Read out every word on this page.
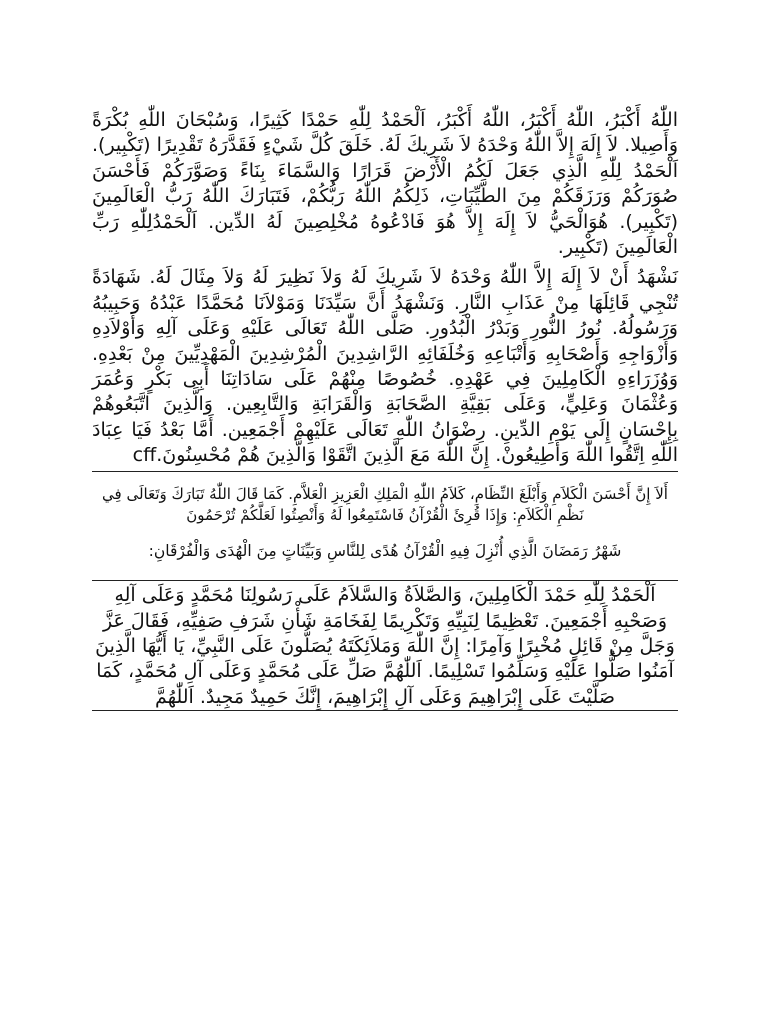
اللّٰهُ أَكْبَرُ، اللّٰهُ أَكْبَرُ، اللّٰهُ أَكْبَرُ، اَلْحَمْدُ لِلّٰهِ حَمْدًا كَثِيرًا، وَسُبْحَانَ اللّٰهِ بُكْرَةً وَأَصِيلا. لاَ إِلَهَ إِلاَّ اللّٰهُ وَحْدَهُ لاَ شَرِيكَ لَهُ. خَلَقَ كُلَّ شَيْءٍ فَقَدَّرَهُ تَقْدِيرًا (تَكْبِير). اَلْحَمْدُ لِلّٰهِ الَّذِي جَعَلَ لَكُمُ الْأَرْضَ قَرَارًا وَالسَّمَاءَ بِنَاءً وَصَوَّرَكُمْ فَأَحْسَنَ صُوَرَكُمْ وَرَزَقَكُمْ مِنَ الطَّيِّبَاتِ، ذَلِكُمُ اللّٰهُ رَبُّكُمْ، فَتَبَارَكَ اللّٰهُ رَبُّ الْعَالَمِينَ (تَكْبِير). هُوَالْحَيُّ لاَ إِلَهَ إِلاَّ هُوَ فَادْعُوهُ مُخْلِصِينَ لَهُ الدِّين. اَلْحَمْدُلِلّٰهِ رَبِّ الْعَالَمِينَ (تَكْبِير.

نَشْهَدُ أَنْ لاَ إِلَهَ إِلاَّ اللّٰهُ وَحْدَهُ لاَ شَرِيكَ لَهُ وَلاَ نَظِيرَ لَهُ وَلاَ مِثَالَ لَهُ. شَهَادَةً تُنْجِي قَائِلَهَا مِنْ عَذَابِ النَّارِ. وَنَشْهَدُ أَنَّ سَيِّدَنَا وَمَوْلاَنَا مُحَمَّدًا عَبْدُهُ وَحَبِيبُهُ وَرَسُولُهُ. نُورُ النُّورِ وَبَدْرُ الْبُدُورِ. صَلَّى اللّٰهُ تَعَالَى عَلَيْهِ وَعَلَى آلِهِ وَأَوْلاَدِهِ وَأَزْوَاجِهِ وَأَصْحَابِهِ وَأَتْبَاعِهِ وَخُلَفَائِهِ الرَّاشِدِينَ الْمُرْشِدِينَ الْمَهْدِيِّينَ مِنْ بَعْدِهِ. وَوُزَرَاءِهِ الْكَامِلِينَ فِي عَهْدِهِ. خُصُوصًا مِنْهُمْ عَلَى سَادَاتِنَا أَبِى بَكْرٍ وَعُمَرَ وَعُثْمَانَ وَعَلِيٍّ، وَعَلَى بَقِيَّةِ الصَّحَابَةِ وَالْقَرَابَةِ وَالتَّابِعِين. وَالَّذِينَ اتَّبَعُوهُمْ بِإِحْسَانٍ إِلَى يَوْمِ الدِّينِ. رِضْوَانُ اللّٰهِ تَعَالَى عَلَيْهِمْ أَجْمَعِين. أَمَّا بَعْدُ فَيَا عِبَادَ اللّٰهِ اِتَّقُوا اللّٰهَ وَأَطِيعُونْ. إِنَّ اللّٰهَ مَعَ الَّذِينَ اتَّقَوْا وَالَّذِينَ هُمْ مُحْسِنُونَ.cff

أَلاَ إِنَّ أَحْسَنَ الْكَلاَمِ وَأَبْلَغَ النِّظَامِ، كَلاَمُ اللّٰهِ الْمَلِكِ الْعَزِيزِ الْعَلاَّمِ. كَمَا قَالَ اللّٰهُ تَبَارَكَ وَتَعَالَى فِي نَظْمِ الْكَلاَمِ: وَإِذَا قُرِئَ الْقُرْآنُ فَاسْتَمِعُوا لَهُ وَأَنْصِتُوا لَعَلَّكُمْ تُرْحَمُونَ

شَهْرُ رَمَضَانَ الَّذِي أُنْزِلَ فِيهِ الْقُرْآنُ هُدًى لِلنَّاسِ وَبَيِّنَاتٍ مِنَ الْهُدَى وَالْفُرْقَانِ:

اَلْحَمْدُ لِلّٰهِ حَمْدَ الْكَامِلِينَ، وَالصَّلاَةُ وَالسَّلاَمُ عَلَى رَسُولِنَا مُحَمَّدٍ وَعَلَى آلِهِ وَصَحْبِهِ أَجْمَعِينَ. تَعْظِيمًا لِنَبِيِّهِ وَتَكْرِيمًا لِفَخَامَةِ شَأْنِ شَرَفِ صَفِيِّهِ، فَقَالَ عَزَّ وَجَلَّ مِنْ قَائِلٍ مُخْبِرًا وَآمِرًا: إِنَّ اللّٰهَ وَمَلاَئِكَتَهُ يُصَلُّونَ عَلَى النَّبِيِّ، يَا أَيُّهَا الَّذِينَ آمَنُوا صَلُّوا عَلَيْهِ وَسَلِّمُوا تَسْلِيمًا. اَللّٰهُمَّ صَلِّ عَلَى مُحَمَّدٍ وَعَلَى آلِ مُحَمَّدٍ، كَمَا صَلَّيْتَ عَلَى إِبْرَاهِيمَ وَعَلَى آلِ إِبْرَاهِيمَ، إِنَّكَ حَمِيدٌ مَجِيدٌ. اَللّٰهُمَّ
